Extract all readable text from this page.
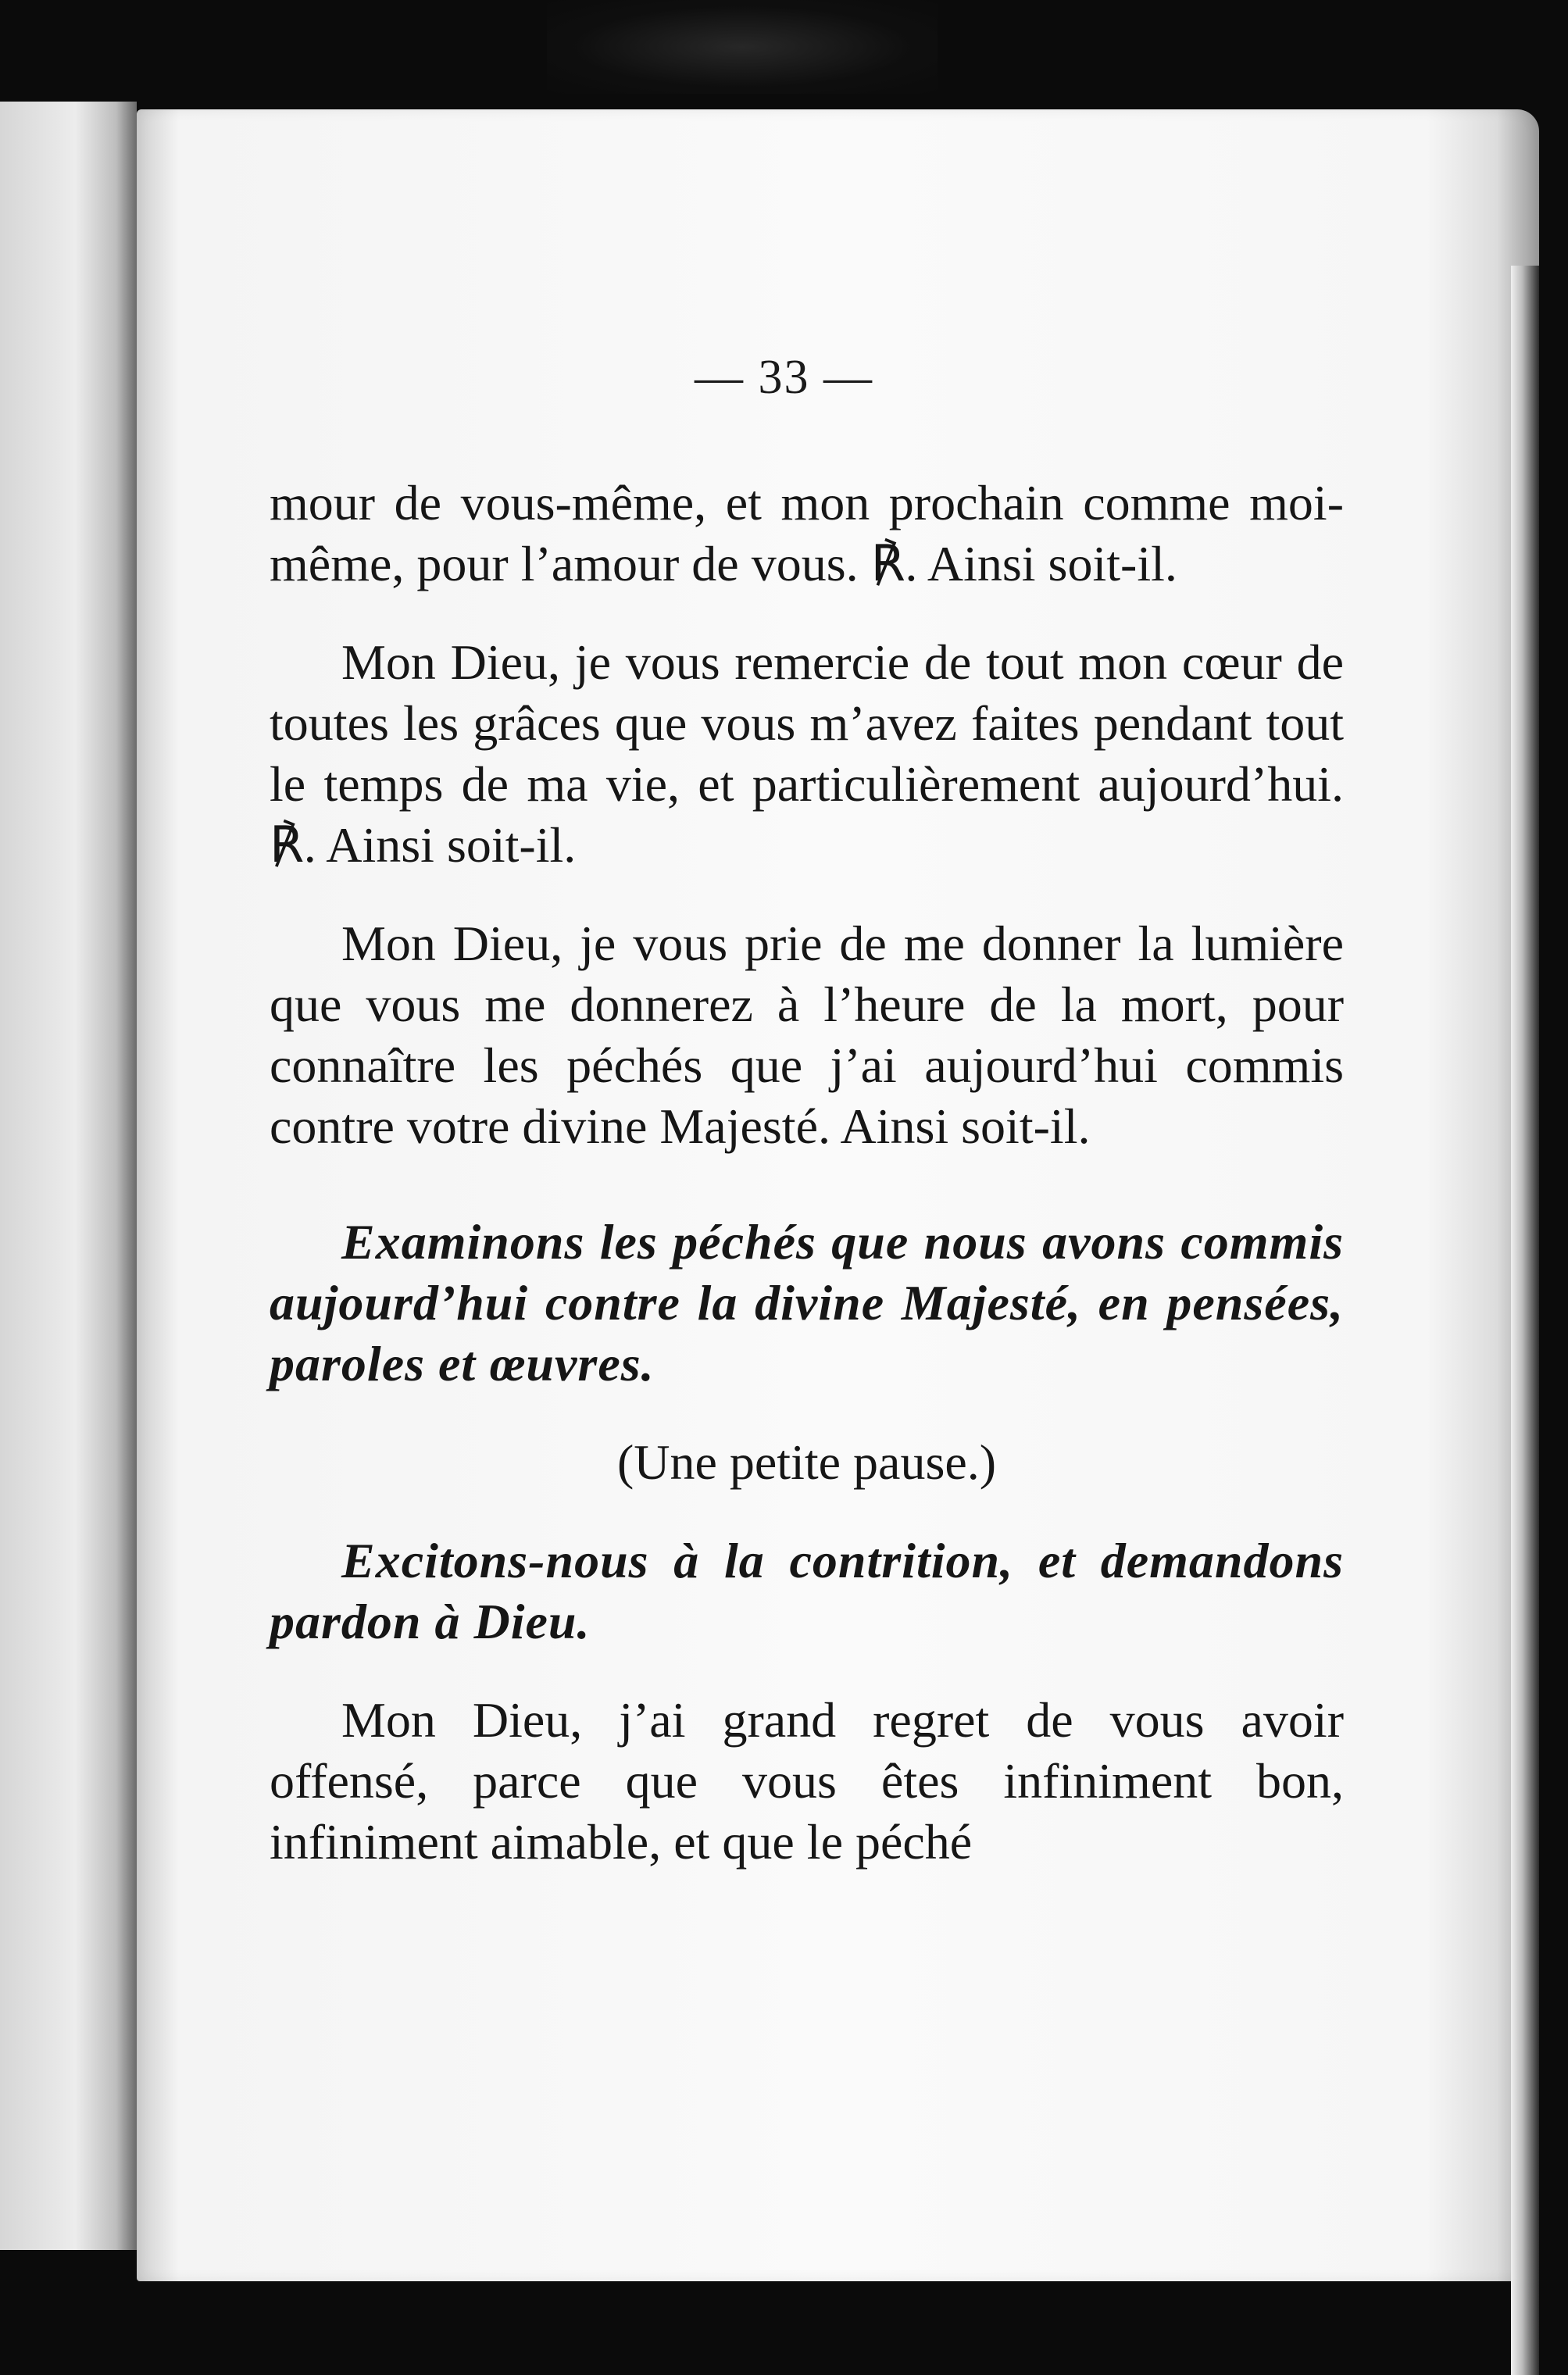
— 33 —

mour de vous-même, et mon prochain comme moi-même, pour l’amour de vous. ℟. Ainsi soit-il.

Mon Dieu, je vous remercie de tout mon cœur de toutes les grâces que vous m’avez faites pendant tout le temps de ma vie, et particulièrement aujourd’hui. ℟. Ainsi soit-il.

Mon Dieu, je vous prie de me donner la lumière que vous me donnerez à l’heure de la mort, pour connaître les péchés que j’ai aujourd’hui commis contre votre divine Majesté. Ainsi soit-il.

Examinons les péchés que nous avons commis aujourd’hui contre la divine Majesté, en pensées, paroles et œuvres.

(Une petite pause.)

Excitons-nous à la contrition, et demandons pardon à Dieu.

Mon Dieu, j’ai grand regret de vous avoir offensé, parce que vous êtes infiniment bon, infiniment aimable, et que le péché
